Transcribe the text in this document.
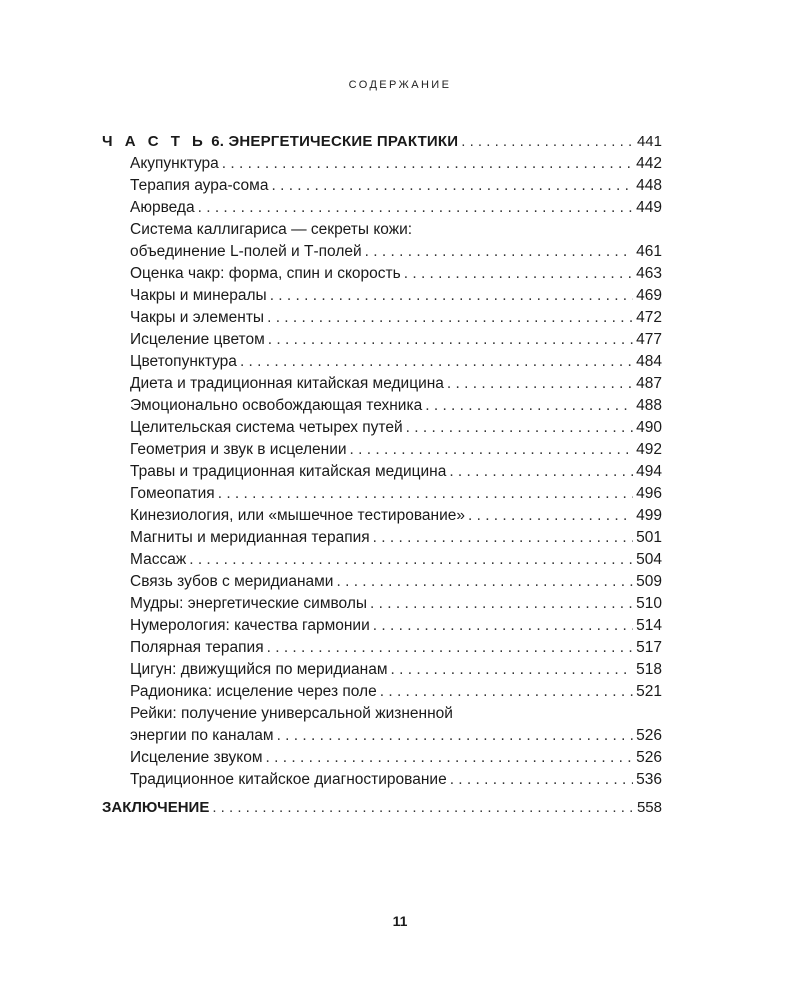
СОДЕРЖАНИЕ
Ч А С Т Ь 6. ЭНЕРГЕТИЧЕСКИЕ ПРАКТИКИ . . .	441
Акупунктура . . .	442
Терапия аура-сома . . .	448
Аюрведа . . .	449
Система каллигариса — секреты кожи:
объединение L-полей и Т-полей . . .	461
Оценка чакр: форма, спин и скорость . . .	463
Чакры и минералы . . .	469
Чакры и элементы . . .	472
Исцеление цветом . . .	477
Цветопунктура . . .	484
Диета и традиционная китайская медицина . . .	487
Эмоционально освобождающая техника . . .	488
Целительская система четырех путей . . .	490
Геометрия и звук в исцелении . . .	492
Травы и традиционная китайская медицина . . .	494
Гомеопатия . . .	496
Кинезиология, или «мышечное тестирование» . . .	499
Магниты и меридианная терапия . . .	501
Массаж . . .	504
Связь зубов с меридианами . . .	509
Мудры: энергетические символы . . .	510
Нумерология: качества гармонии . . .	514
Полярная терапия . . .	517
Цигун: движущийся по меридианам . . .	518
Радионика: исцеление через поле . . .	521
Рейки: получение универсальной жизненной
энергии по каналам . . .	526
Исцеление звуком . . .	526
Традиционное китайское диагностирование . . .	536
ЗАКЛЮЧЕНИЕ . . .	558
11
